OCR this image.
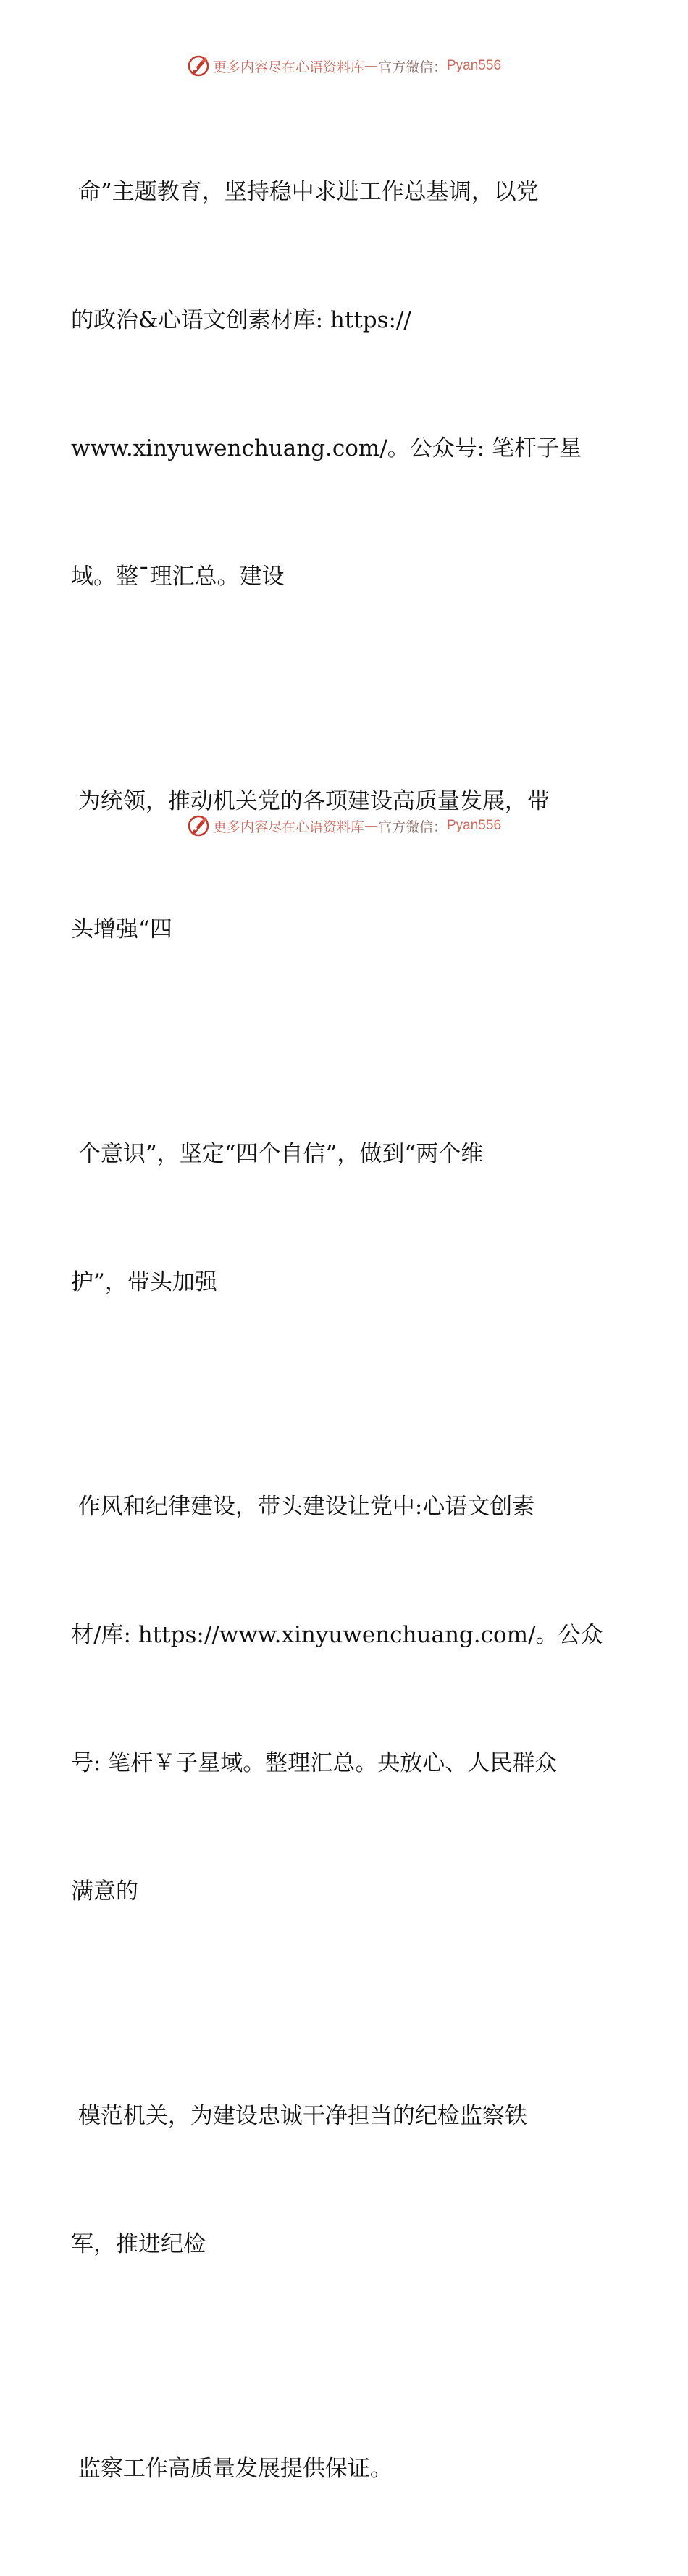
更多内容尽在心语资料库 — 官方微信： Pyan556

命”主题教育，坚持稳中求进工作总基调，以党

的政治&心语文创素材库: https://

www.xinyuwenchuang.com/。公众号: 笔杆子星

域。整¯理汇总。建设

为统领，推动机关党的各项建设高质量发展，带

头增强“四

个意识”，坚定“四个自信”，做到“两个维

护”，带头加强

作风和纪律建设，带头建设让党中:心语文创素

材/库: https://www.xinyuwenchuang.com/。公众

号: 笔杆￥子星域。整理汇总。央放心、人民群众

满意的

模范机关，为建设忠诚干净担当的纪检监察铁

军，推进纪检

监察工作高质量发展提供保证。

更多内容尽在心语资料库 — 官方微信： Pyan556
